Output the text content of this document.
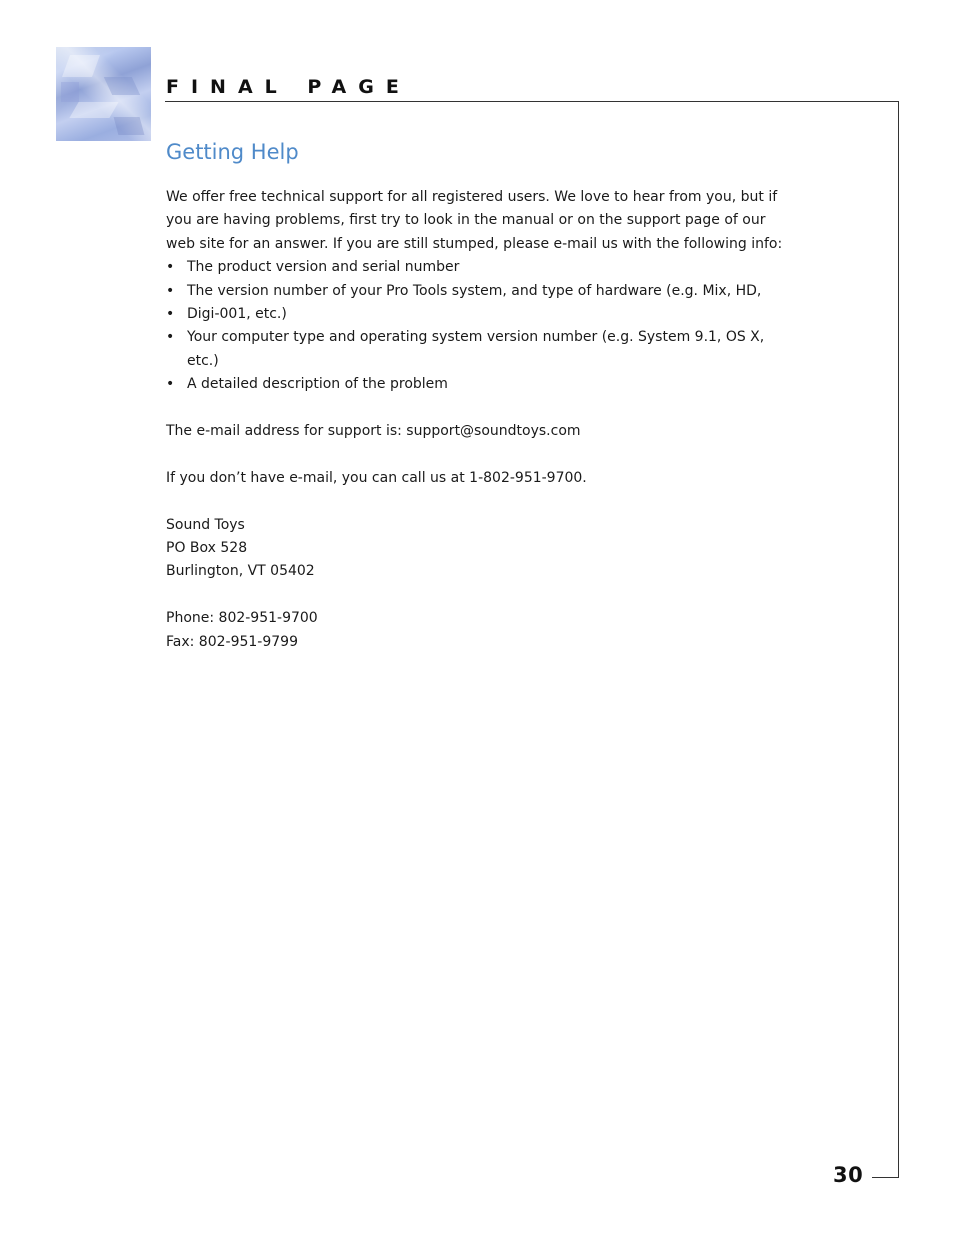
FINAL PAGE
30
Getting Help

We offer free technical support for all registered users. We love to hear from you, but if you are having problems, first try to look in the manual or on the support page of our web site for an answer. If you are still stumped, please e-mail us with the following info:

• The product version and serial number
• The version number of your Pro Tools system, and type of hardware (e.g. Mix, HD,
• Digi-001, etc.)
• Your computer type and operating system version number (e.g. System 9.1, OS X, etc.)
• A detailed description of the problem

The e-mail address for support is: support@soundtoys.com

If you don’t have e-mail, you can call us at 1-802-951-9700.

Sound Toys

PO Box 528

Burlington, VT 05402

Phone: 802-951-9700

Fax: 802-951-9799
